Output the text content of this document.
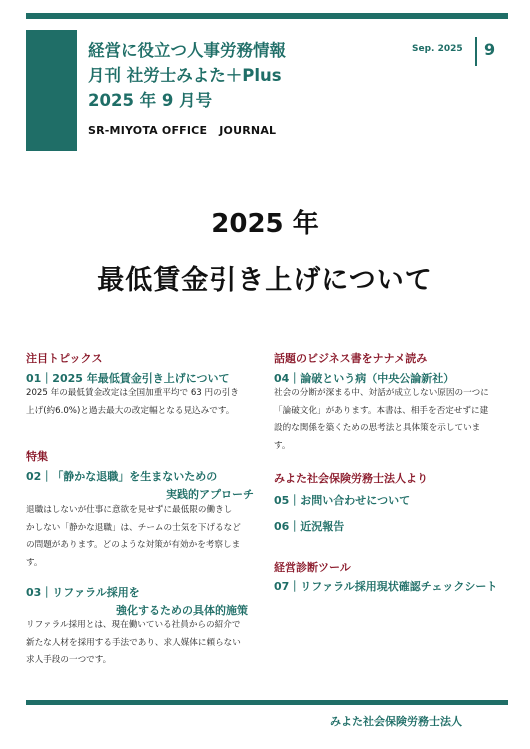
経営に役立つ人事労務情報
月刊 社労士みよた＋Plus
2025 年 9 月号
SR-MIYOTA OFFICE   JOURNAL
Sep. 2025 9
2025 年
最低賃金引き上げについて
注目トピックス
01｜2025 年最低賃金引き上げについて
2025 年の最低賃金改定は全国加重平均で 63 円の引き
上げ(約6.0%)と過去最大の改定幅となる見込みです。
特集
02｜「静かな退職」を生まないための
実践的アプローチ
退職はしないが仕事に意欲を見せずに最低限の働きし
かしない「静かな退職」は、チームの士気を下げるなど
の問題があります。どのような対策が有効かを考察しま
す。
03｜リファラル採用を
強化するための具体的施策
リファラル採用とは、現在働いている社員からの紹介で
新たな人材を採用する手法であり、求人媒体に頼らない
求人手段の一つです。
話題のビジネス書をナナメ読み
04｜論破という病（中央公論新社）
社会の分断が深まる中、対話が成立しない原因の一つに
「論破文化」があります。本書は、相手を否定せずに建
設的な関係を築くための思考法と具体策を示していま
す。
みよた社会保険労務士法人より
05｜お問い合わせについて
06｜近況報告
経営診断ツール
07｜リファラル採用現状確認チェックシート
みよた社会保険労務士法人
